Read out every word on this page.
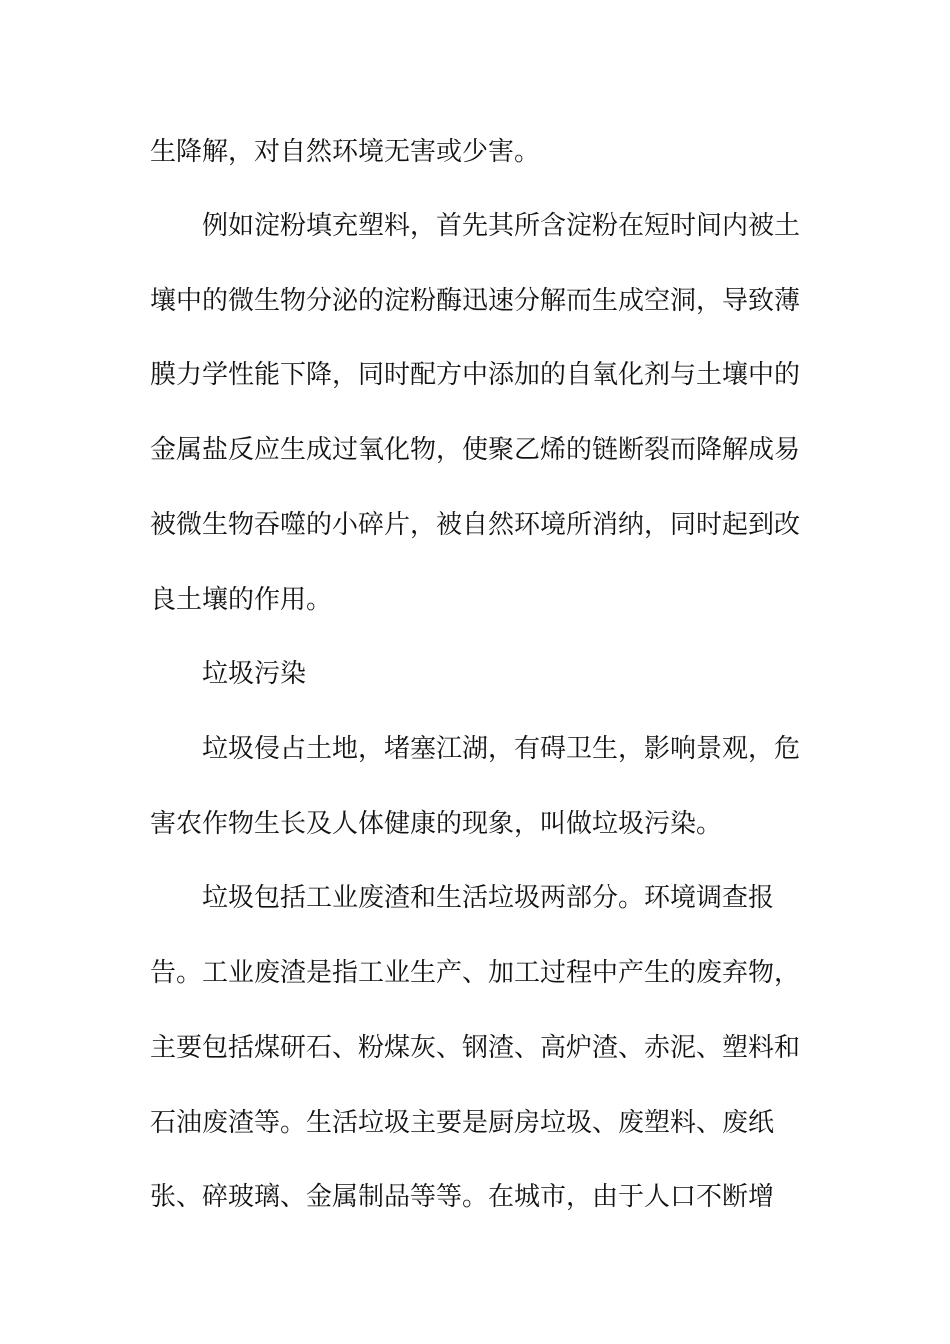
生降解，对自然环境无害或少害。
例如淀粉填充塑料，首先其所含淀粉在短时间内被土
壤中的微生物分泌的淀粉酶迅速分解而生成空洞，导致薄
膜力学性能下降，同时配方中添加的自氧化剂与土壤中的
金属盐反应生成过氧化物，使聚乙烯的链断裂而降解成易
被微生物吞噬的小碎片，被自然环境所消纳，同时起到改
良土壤的作用。
垃圾污染
垃圾侵占土地，堵塞江湖，有碍卫生，影响景观，危
害农作物生长及人体健康的现象，叫做垃圾污染。
垃圾包括工业废渣和生活垃圾两部分。环境调查报
告。工业废渣是指工业生产、加工过程中产生的废弃物，
主要包括煤研石、粉煤灰、钢渣、高炉渣、赤泥、塑料和
石油废渣等。生活垃圾主要是厨房垃圾、废塑料、废纸
张、碎玻璃、金属制品等等。在城市，由于人口不断增
